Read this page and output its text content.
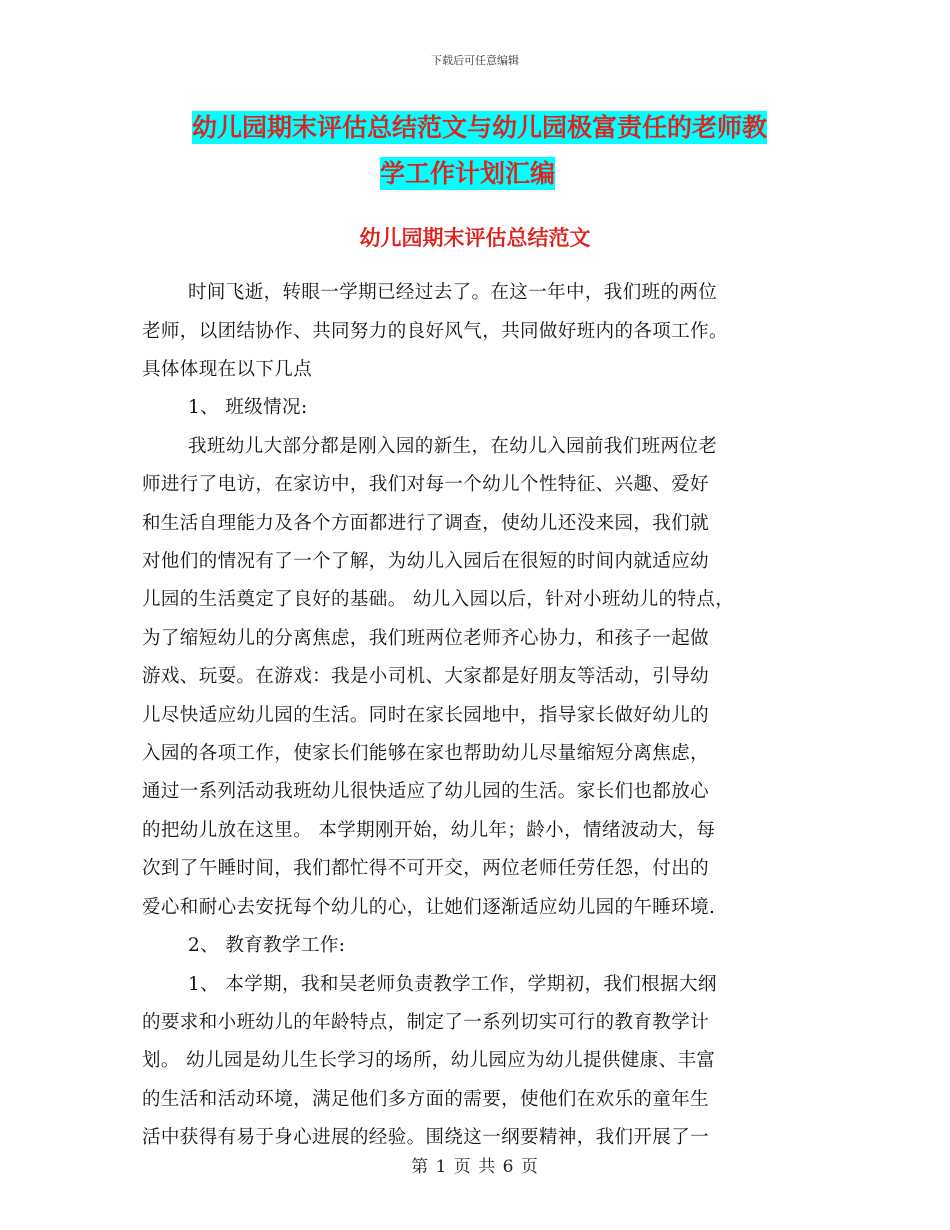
下载后可任意编辑
幼儿园期末评估总结范文与幼儿园极富责任的老师教
学工作计划汇编
幼儿园期末评估总结范文
时间飞逝，转眼一学期已经过去了。在这一年中，我们班的两位
老师，以团结协作、共同努力的良好风气，共同做好班内的各项工作。
具体体现在以下几点
1、 班级情况:
我班幼儿大部分都是刚入园的新生，在幼儿入园前我们班两位老
师进行了电访，在家访中，我们对每一个幼儿个性特征、兴趣、爱好
和生活自理能力及各个方面都进行了调查，使幼儿还没来园，我们就
对他们的情况有了一个了解，为幼儿入园后在很短的时间内就适应幼
儿园的生活奠定了良好的基础。 幼儿入园以后，针对小班幼儿的特点，
为了缩短幼儿的分离焦虑，我们班两位老师齐心协力，和孩子一起做
游戏、玩耍。在游戏：我是小司机、大家都是好朋友等活动，引导幼
儿尽快适应幼儿园的生活。同时在家长园地中，指导家长做好幼儿的
入园的各项工作，使家长们能够在家也帮助幼儿尽量缩短分离焦虑，
通过一系列活动我班幼儿很快适应了幼儿园的生活。家长们也都放心
的把幼儿放在这里。 本学期刚开始，幼儿年；龄小，情绪波动大，每
次到了午睡时间，我们都忙得不可开交，两位老师任劳任怨，付出的
爱心和耐心去安抚每个幼儿的心，让她们逐渐适应幼儿园的午睡环境.
2、 教育教学工作:
1、 本学期，我和吴老师负责教学工作，学期初，我们根据大纲
的要求和小班幼儿的年龄特点，制定了一系列切实可行的教育教学计
划。 幼儿园是幼儿生长学习的场所，幼儿园应为幼儿提供健康、丰富
的生活和活动环境，满足他们多方面的需要，使他们在欢乐的童年生
活中获得有易于身心进展的经验。围绕这一纲要精神，我们开展了一
第 1 页 共 6 页
